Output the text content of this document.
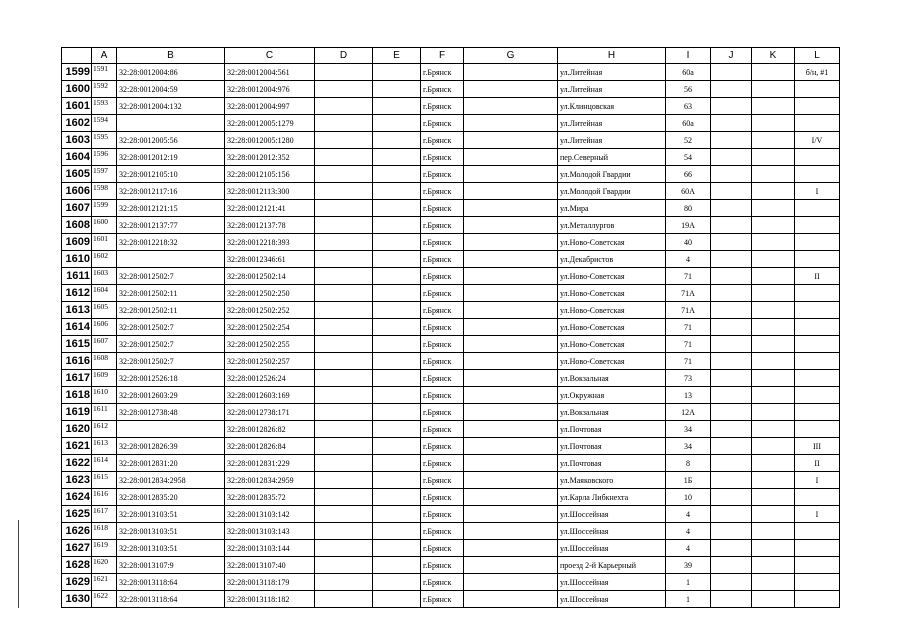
	A	B	C	D	E	F	G	H	I	J	K	L
1599	1591	32:28:0012004:86	32:28:0012004:561			г.Брянск		ул.Литейная	60а			б/н, #1
1600	1592	32:28:0012004:59	32:28:0012004:976			г.Брянск		ул.Литейная	56			
1601	1593	32:28:0012004:132	32:28:0012004:997			г.Брянск		ул.Клинцовская	63			
1602	1594		32:28:0012005:1279			г.Брянск		ул.Литейная	60а			
1603	1595	32:28:0012005:56	32:28:0012005:1280			г.Брянск		ул.Литейная	52			I/V
1604	1596	32:28:0012012:19	32:28:0012012:352			г.Брянск		пер.Северный	54			
1605	1597	32:28:0012105:10	32:28:0012105:156			г.Брянск		ул.Молодой Гвардии	66			
1606	1598	32:28:0012117:16	32:28:0012113:300			г.Брянск		ул.Молодой Гвардии	60А			I
1607	1599	32:28:0012121:15	32:28:0012121:41			г.Брянск		ул.Мира	80			
1608	1600	32:28:0012137:77	32:28:0012137:78			г.Брянск		ул.Металлургов	19А			
1609	1601	32:28:0012218:32	32:28:0012218:393			г.Брянск		ул.Ново-Советская	40			
1610	1602		32:28:0012346:61			г.Брянск		ул.Декабристов	4			
1611	1603	32:28:0012502:7	32:28:0012502:14			г.Брянск		ул.Ново-Советская	71			II
1612	1604	32:28:0012502:11	32:28:0012502:250			г.Брянск		ул.Ново-Советская	71А			
1613	1605	32:28:0012502:11	32:28:0012502:252			г.Брянск		ул.Ново-Советская	71А			
1614	1606	32:28:0012502:7	32:28:0012502:254			г.Брянск		ул.Ново-Советская	71			
1615	1607	32:28:0012502:7	32:28:0012502:255			г.Брянск		ул.Ново-Советская	71			
1616	1608	32:28:0012502:7	32:28:0012502:257			г.Брянск		ул.Ново-Советская	71			
1617	1609	32:28:0012526:18	32:28:0012526:24			г.Брянск		ул.Вокзальная	73			
1618	1610	32:28:0012603:29	32:28:0012603:169			г.Брянск		ул.Окружная	13			
1619	1611	32:28:0012738:48	32:28:0012738:171			г.Брянск		ул.Вокзальная	12А			
1620	1612		32:28:0012826:82			г.Брянск		ул.Почтовая	34			
1621	1613	32:28:0012826:39	32:28:0012826:84			г.Брянск		ул.Почтовая	34			III
1622	1614	32:28:0012831:20	32:28:0012831:229			г.Брянск		ул.Почтовая	8			II
1623	1615	32:28:0012834:2958	32:28:0012834:2959			г.Брянск		ул.Маяковского	1Б			I
1624	1616	32:28:0012835:20	32:28:0012835:72			г.Брянск		ул.Карла Либкнехта	10			
1625	1617	32:28:0013103:51	32:28:0013103:142			г.Брянск		ул.Шоссейная	4			I
1626	1618	32:28:0013103:51	32:28:0013103:143			г.Брянск		ул.Шоссейная	4			
1627	1619	32:28:0013103:51	32:28:0013103:144			г.Брянск		ул.Шоссейная	4			
1628	1620	32:28:0013107:9	32:28:0013107:40			г.Брянск		проезд 2-й Карьерный	39			
1629	1621	32:28:0013118:64	32:28:0013118:179			г.Брянск		ул.Шоссейная	1			
1630	1622	32:28:0013118:64	32:28:0013118:182			г.Брянск		ул.Шоссейная	1			
